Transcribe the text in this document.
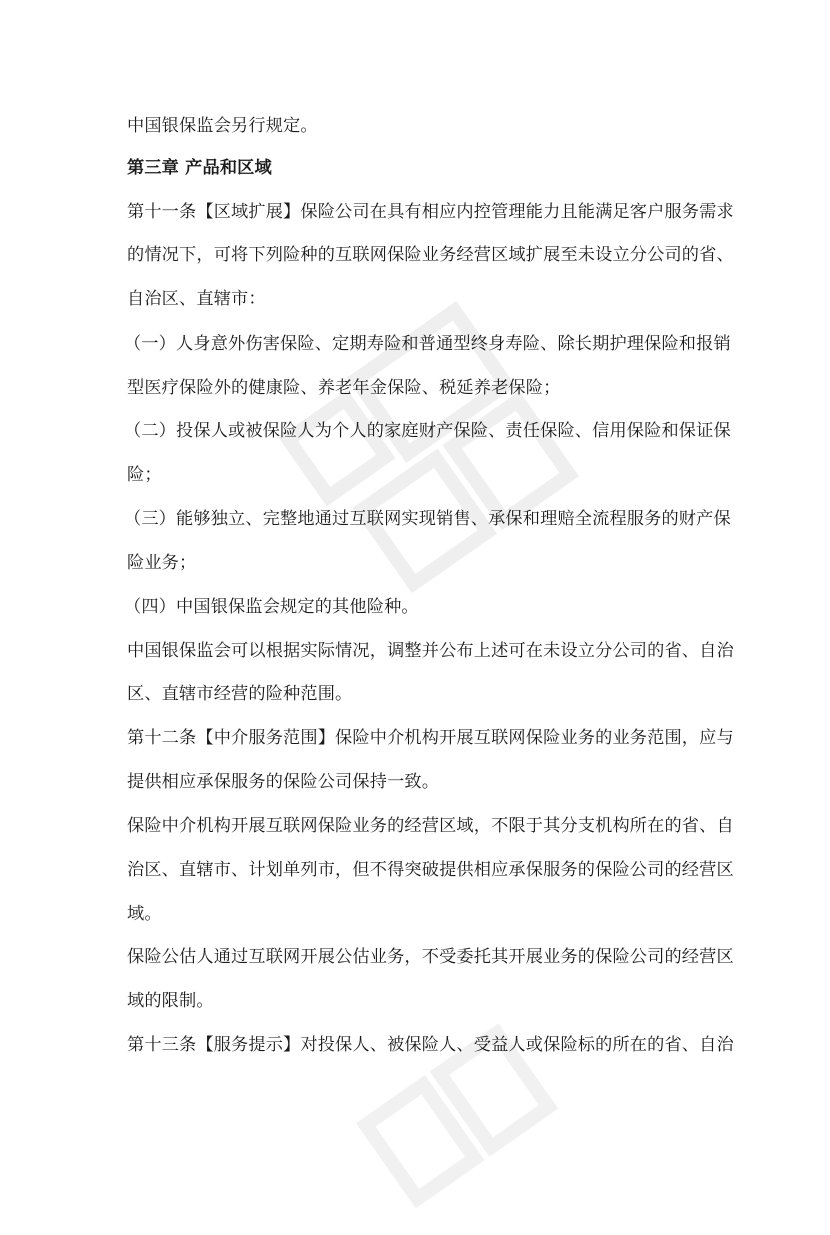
中国银保监会另行规定。
第三章 产品和区域
第十一条【区域扩展】保险公司在具有相应内控管理能力且能满足客户服务需求
的情况下，可将下列险种的互联网保险业务经营区域扩展至未设立分公司的省、
自治区、直辖市：
（一）人身意外伤害保险、定期寿险和普通型终身寿险、除长期护理保险和报销
型医疗保险外的健康险、养老年金保险、税延养老保险；
（二）投保人或被保险人为个人的家庭财产保险、责任保险、信用保险和保证保
险；
（三）能够独立、完整地通过互联网实现销售、承保和理赔全流程服务的财产保
险业务；
（四）中国银保监会规定的其他险种。
中国银保监会可以根据实际情况，调整并公布上述可在未设立分公司的省、自治
区、直辖市经营的险种范围。
第十二条【中介服务范围】保险中介机构开展互联网保险业务的业务范围，应与
提供相应承保服务的保险公司保持一致。
保险中介机构开展互联网保险业务的经营区域，不限于其分支机构所在的省、自
治区、直辖市、计划单列市，但不得突破提供相应承保服务的保险公司的经营区
域。
保险公估人通过互联网开展公估业务，不受委托其开展业务的保险公司的经营区
域的限制。
第十三条【服务提示】对投保人、被保险人、受益人或保险标的所在的省、自治
